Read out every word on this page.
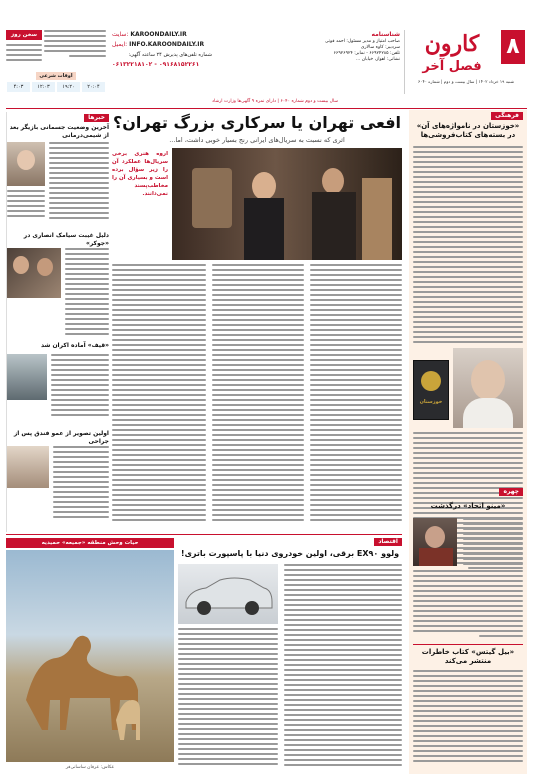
۸
کارون
فصل آخر
شنبه ۱۹ خرداد ۱۴۰۲ | سال بیست و دوم | شماره ۶۰۴۰
شناسنامه
صاحب امتیاز و مدیر مسئول: احمد قوتی
سردبیر: کاوه سالاری
تلفن: ۶۶۹۲۴۲۸۵ - نمابر: ۶۶۹۲۶۹۲۴
نشانی: اهواز، خیابان ...
سایت: KAROONDAILY.IR
ایمیل: INFO.KAROONDAILY.IR
شماره تلفن‌های پذیرش ۲۴ ساعته آگهی:
۰۶۱۳۲۲۱۸۱۰۲ - ۰۹۱۶۸۱۵۲۲۶۱
سخن روز
اوقات شرعی
۴:۰۳	۱۲:۰۳	۱۹:۲۰	۲۰:۰۴
سال بیست و دوم شماره ۶۰۴۰ | دارای نمره ۹ آگهی‌ها وزارت ارشاد
فرهنگی
«خوزستان در نامواژه‌های آن» در بسته‌های کتاب‌فروشی‌ها
خوزستان
چهره
«مینو اتحاد» درگذشت
«بیل گیتس» کتاب خاطرات منتشر می‌کند
افعی تهران یا سرکاری بزرگ تهران؟
اثری که نسبت به سریال‌های ایرانی رنج بسیار خوبی داشت، اما...
اروه هنری برخی سریال‌ها عملکرد آن را زیر سؤال برده است و بسیاری آن را مخاطب‌پسند نمی‌دانند.
خبرها
آخرین وضعیت جسمانی بازیگر بعد از شیمی‌درمانی
دلیل غیبت سیامک انصاری در «جوکر»
«قیف» آماده اکران شد
اولین تصویر از عمو فندق پس از جراحی
حیات وحش منطقه «جمیعه» حمیدیه
عکاس: عرفان ساسانی‌فر
اقتصاد
ولوو EX۹۰ برقی، اولین خودروی دنیا با پاسپورت باتری!
